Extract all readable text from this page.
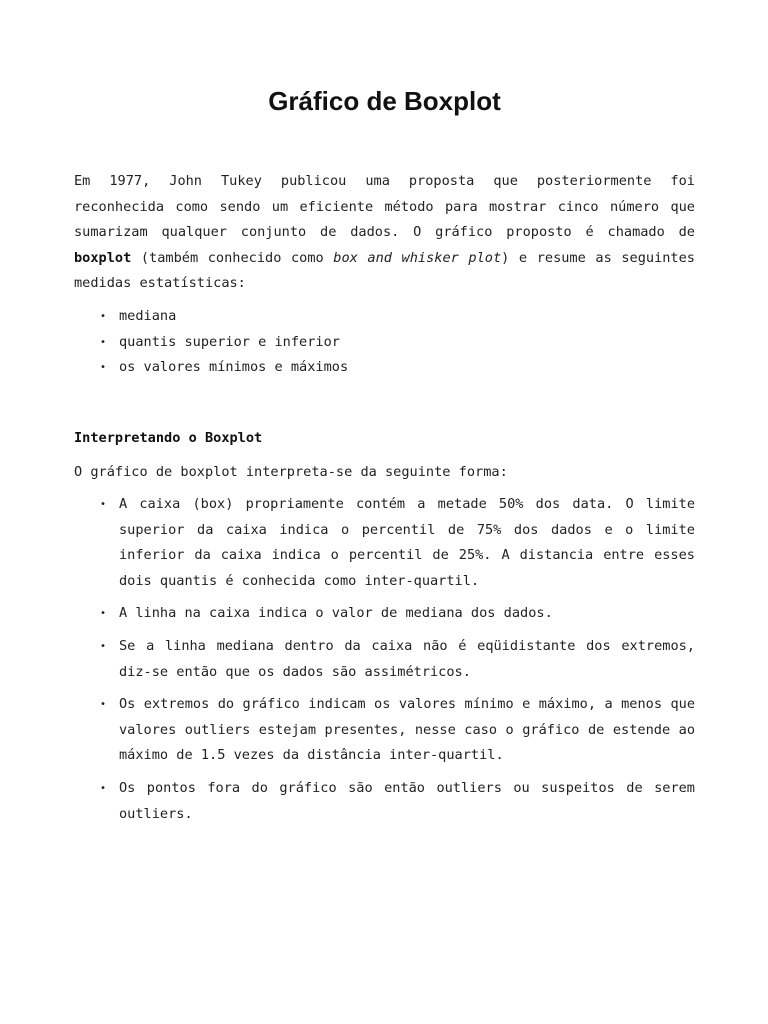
Gráfico de Boxplot

Em 1977, John Tukey publicou uma proposta que posteriormente foi reconhecida como sendo um eficiente método para mostrar cinco número que sumarizam qualquer conjunto de dados. O gráfico proposto é chamado de boxplot (também conhecido como box and whisker plot) e resume as seguintes medidas estatísticas:

• mediana
• quantis superior e inferior
• os valores mínimos e máximos
Interpretando o Boxplot

O gráfico de boxplot interpreta-se da seguinte forma:

• A caixa (box) propriamente contém a metade 50% dos data. O limite superior da caixa indica o percentil de 75% dos dados e o limite inferior da caixa indica o percentil de 25%. A distancia entre esses dois quantis é conhecida como inter-quartil.
• A linha na caixa indica o valor de mediana dos dados.
• Se a linha mediana dentro da caixa não é eqüidistante dos extremos, diz-se então que os dados são assimétricos.
• Os extremos do gráfico indicam os valores mínimo e máximo, a menos que valores outliers estejam presentes, nesse caso o gráfico de estende ao máximo de 1.5 vezes da distância inter-quartil.
• Os pontos fora do gráfico são então outliers ou suspeitos de serem outliers.
